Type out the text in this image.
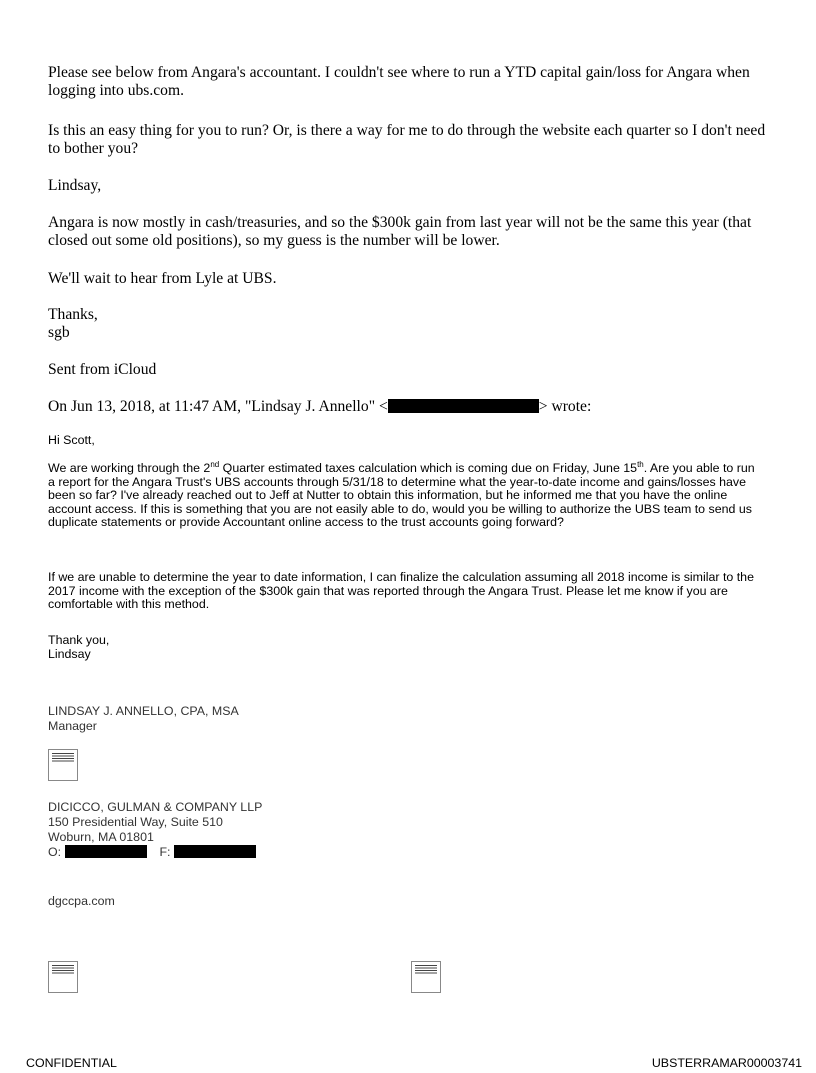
Please see below from Angara's accountant. I couldn't see where to run a YTD capital gain/loss for Angara when logging into ubs.com.
Is this an easy thing for you to run? Or, is there a way for me to do through the website each quarter so I don't need to bother you?
Lindsay,
Angara is now mostly in cash/treasuries, and so the $300k gain from last year will not be the same this year (that closed out some old positions), so my guess is the number will be lower.
We'll wait to hear from Lyle at UBS.
Thanks,
sgb
Sent from iCloud
On Jun 13, 2018, at 11:47 AM, "Lindsay J. Annello" <	> wrote:
Hi Scott,
We are working through the 2nd Quarter estimated taxes calculation which is coming due on Friday, June 15th. Are you able to run a report for the Angara Trust's UBS accounts through 5/31/18 to determine what the year-to-date income and gains/losses have been so far? I've already reached out to Jeff at Nutter to obtain this information, but he informed me that you have the online account access. If this is something that you are not easily able to do, would you be willing to authorize the UBS team to send us duplicate statements or provide Accountant online access to the trust accounts going forward?
If we are unable to determine the year to date information, I can finalize the calculation assuming all 2018 income is similar to the 2017 income with the exception of the $300k gain that was reported through the Angara Trust. Please let me know if you are comfortable with this method.
Thank you,
Lindsay
LINDSAY J. ANNELLO, CPA, MSA
Manager
DICICCO, GULMAN & COMPANY LLP
150 Presidential Way, Suite 510
Woburn, MA 01801
O:	F:
dgccpa.com
CONFIDENTIAL	UBSTERRAMAR00003741
